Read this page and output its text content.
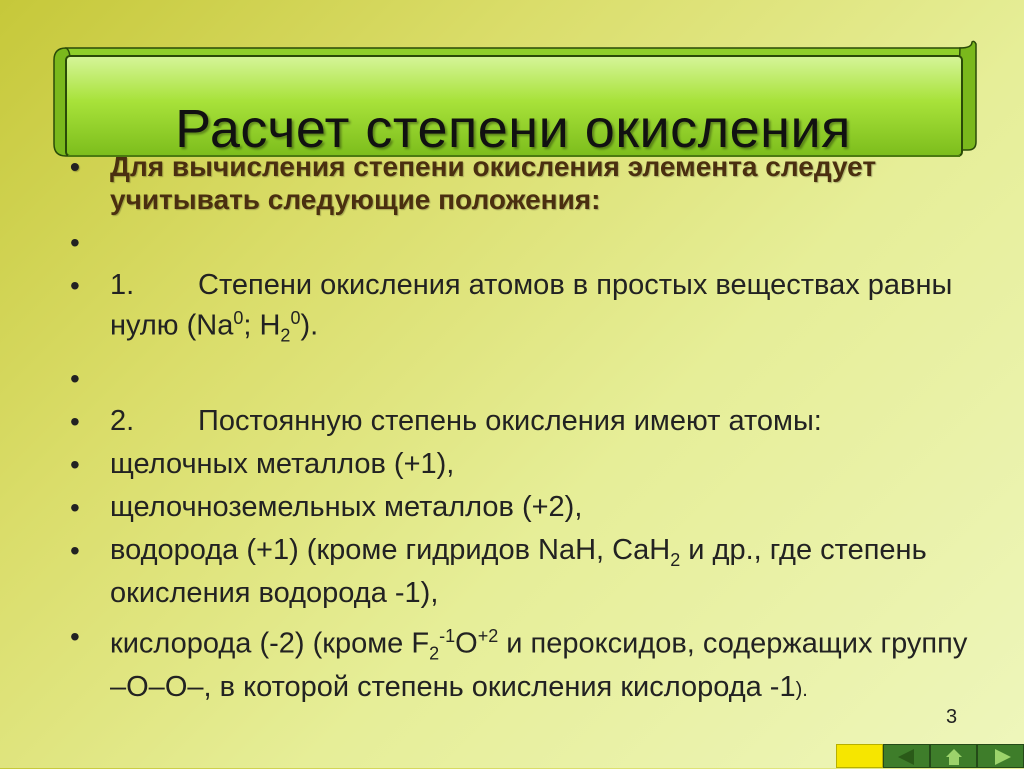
Расчет степени окисления
• Для вычисления степени окисления элемента следует учитывать следующие положения:
•

• 1. Степени окисления атомов в простых веществах равны нулю (Na$^0$; $H_2^0$).
•

• 2. Постоянную степень окисления имеют атомы:
• щелочных металлов (+1),
• щелочноземельных металлов (+2),
• водорода (+1) (кроме гидридов NaH, CaH$_2$ и др., где степень окисления водорода -1),
• кислорода (-2) (кроме $F_2^{-1}O^{+2}$ и пероксидов, содержащих группу –О–О–, в которой степень окисления кислорода -1).
3
